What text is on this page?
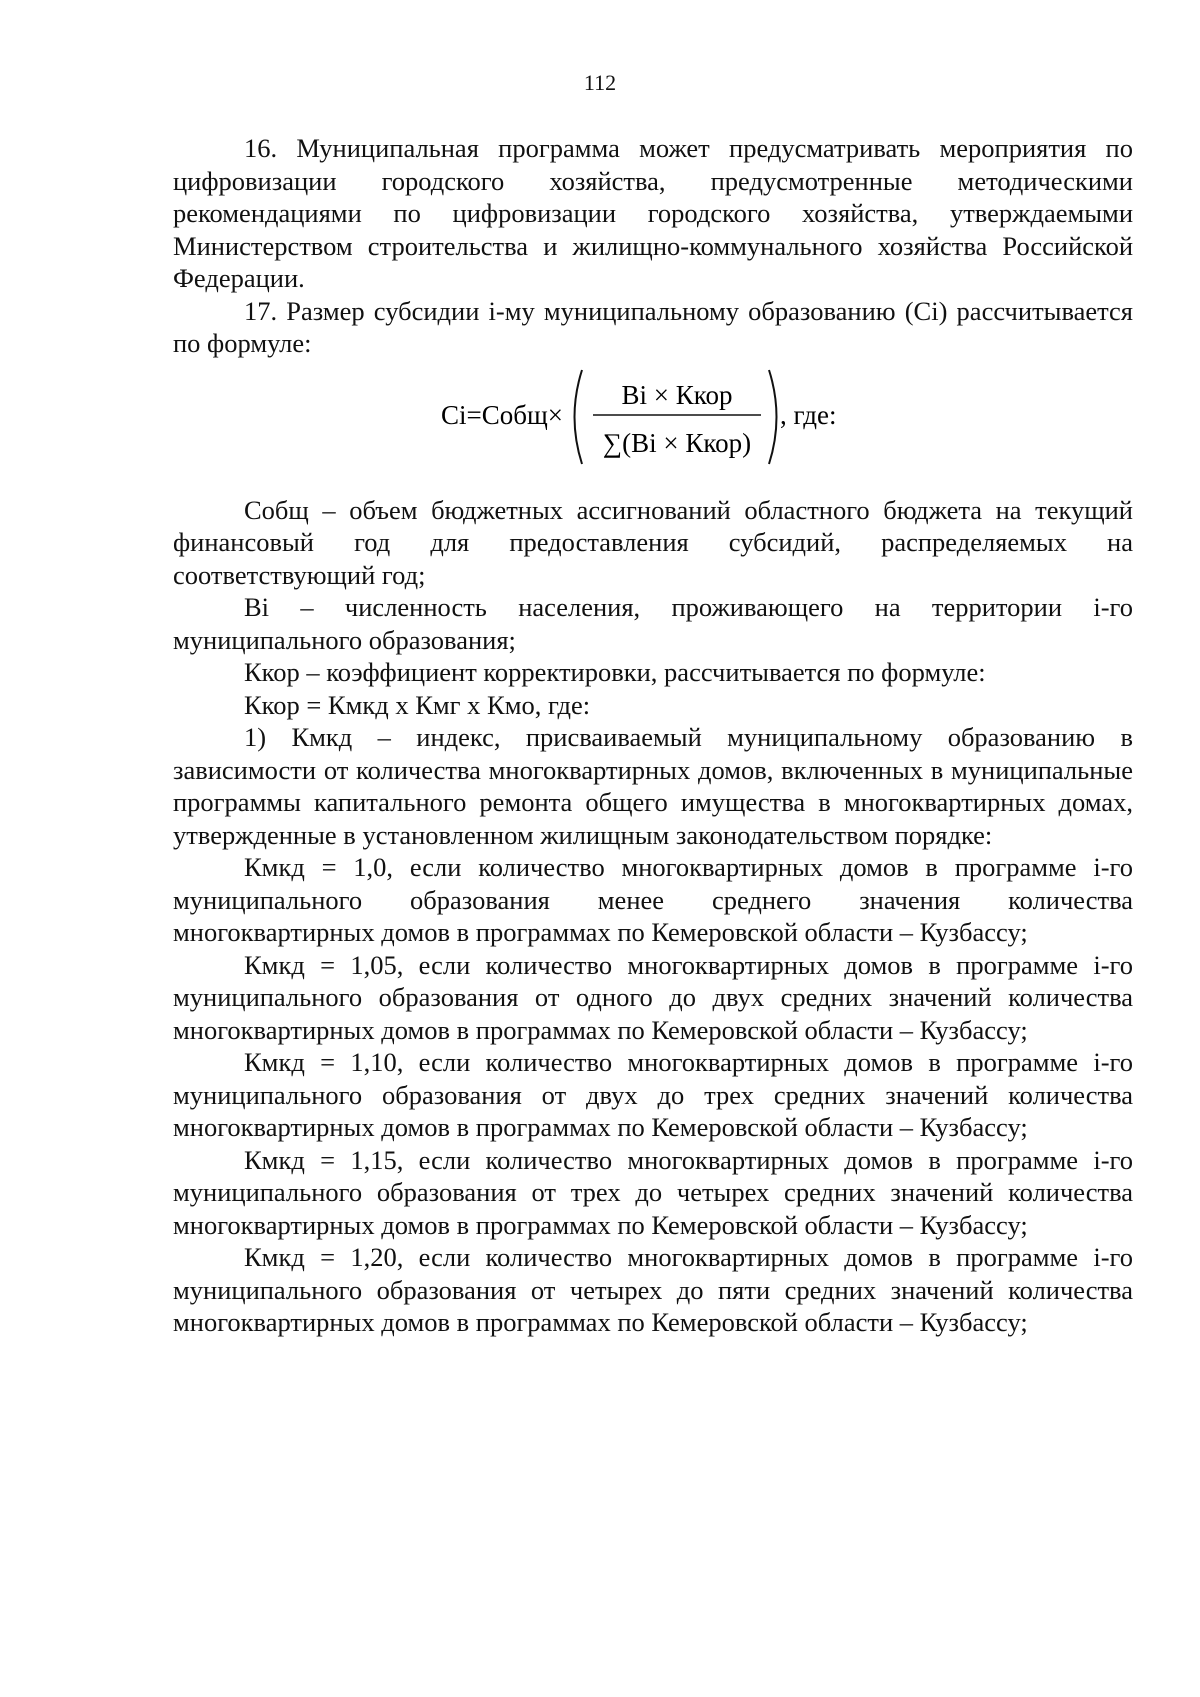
112

16. Муниципальная программа может предусматривать мероприятия по цифровизации городского хозяйства, предусмотренные методическими рекомендациями по цифровизации городского хозяйства, утверждаемыми Министерством строительства и жилищно-коммунального хозяйства Российской Федерации.

17. Размер субсидии i-му муниципальному образованию (Ci) рассчитывается по формуле:

Ci=Собщ×
Bi × Ккор
∑(Bi × Ккор)
, где:

Собщ – объем бюджетных ассигнований областного бюджета на текущий финансовый год для предоставления субсидий, распределяемых на соответствующий год;

Bi – численность населения, проживающего на территории i-го муниципального образования;

Ккор – коэффициент корректировки, рассчитывается по формуле:

Ккор = Кмкд х Кмг х Кмо, где:

1) Кмкд – индекс, присваиваемый муниципальному образованию в зависимости от количества многоквартирных домов, включенных в муниципальные программы капитального ремонта общего имущества в многоквартирных домах, утвержденные в установленном жилищным законодательством порядке:

Кмкд = 1,0, если количество многоквартирных домов в программе i-го муниципального образования менее среднего значения количества многоквартирных домов в программах по Кемеровской области – Кузбассу;

Кмкд = 1,05, если количество многоквартирных домов в программе i-го муниципального образования от одного до двух средних значений количества многоквартирных домов в программах по Кемеровской области – Кузбассу;

Кмкд = 1,10, если количество многоквартирных домов в программе i-го муниципального образования от двух до трех средних значений количества многоквартирных домов в программах по Кемеровской области – Кузбассу;

Кмкд = 1,15, если количество многоквартирных домов в программе i-го муниципального образования от трех до четырех средних значений количества многоквартирных домов в программах по Кемеровской области – Кузбассу;

Кмкд = 1,20, если количество многоквартирных домов в программе i-го муниципального образования от четырех до пяти средних значений количества многоквартирных домов в программах по Кемеровской области – Кузбассу;
